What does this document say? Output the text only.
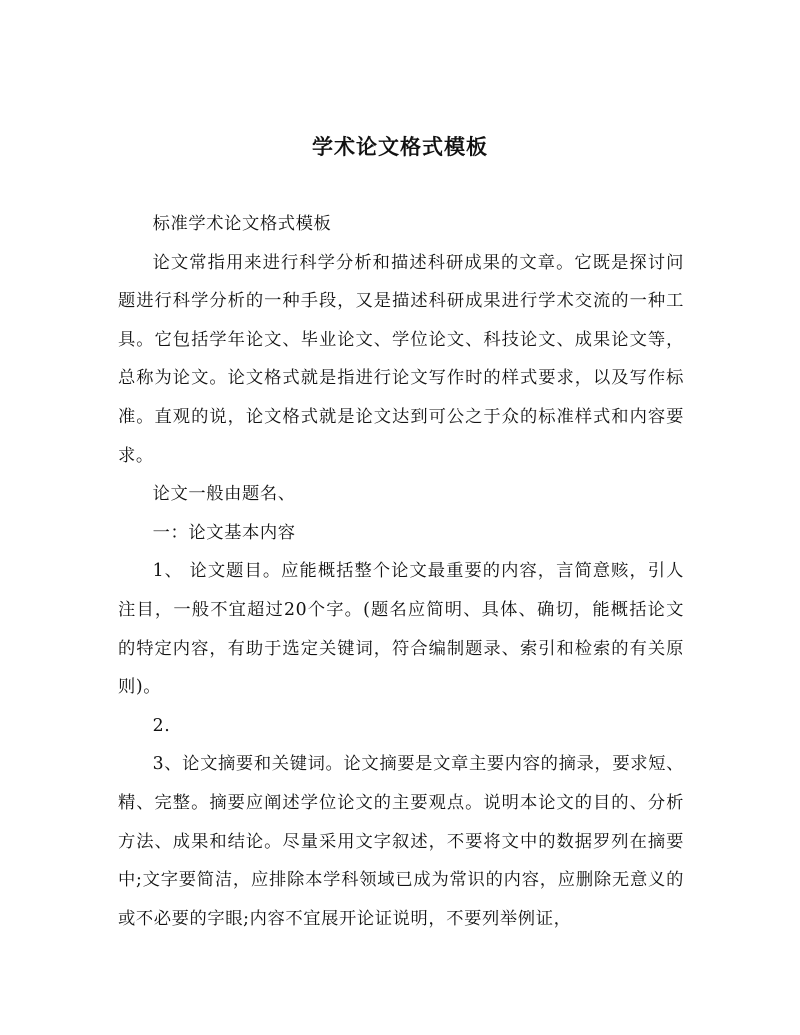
学术论文格式模板

标准学术论文格式模板

论文常指用来进行科学分析和描述科研成果的文章。它既是探讨问题进行科学分析的一种手段，又是描述科研成果进行学术交流的一种工具。它包括学年论文、毕业论文、学位论文、科技论文、成果论文等，总称为论文。论文格式就是指进行论文写作时的样式要求，以及写作标准。直观的说，论文格式就是论文达到可公之于众的标准样式和内容要求。

论文一般由题名、

一：论文基本内容

1、 论文题目。应能概括整个论文最重要的内容，言简意赅，引人注目，一般不宜超过20个字。(题名应简明、具体、确切，能概括论文的特定内容，有助于选定关键词，符合编制题录、索引和检索的有关原则)。

2.

3、论文摘要和关键词。论文摘要是文章主要内容的摘录，要求短、精、完整。摘要应阐述学位论文的主要观点。说明本论文的目的、分析方法、成果和结论。尽量采用文字叙述，不要将文中的数据罗列在摘要中;文字要简洁，应排除本学科领域已成为常识的内容，应删除无意义的或不必要的字眼;内容不宜展开论证说明，不要列举例证，
